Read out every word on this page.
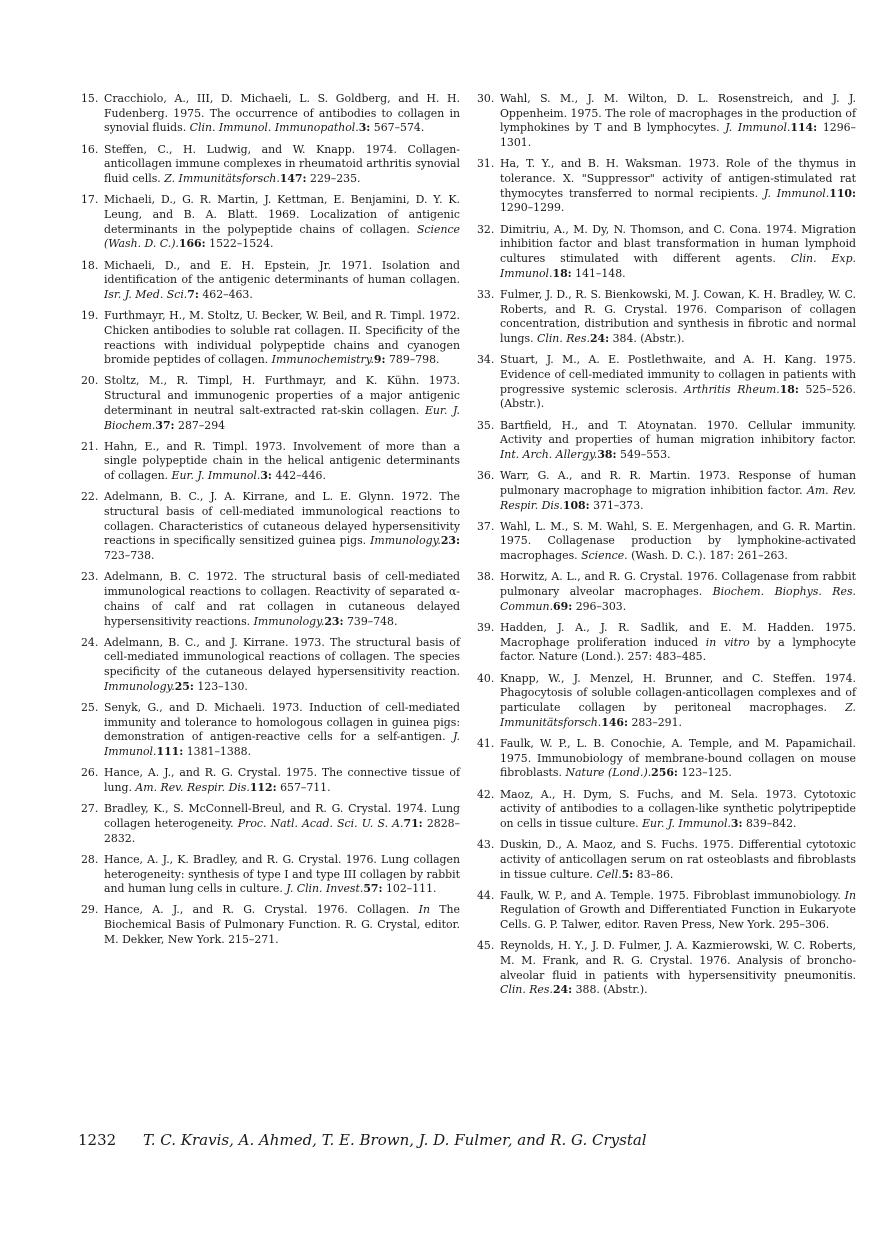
15. Cracchiolo, A., III, D. Michaeli, L. S. Goldberg, and H. H. Fudenberg. 1975. The occurrence of antibodies to collagen in synovial fluids. Clin. Immunol. Immunopathol.3: 567–574.
16. Steffen, C., H. Ludwig, and W. Knapp. 1974. Collagen-anticollagen immune complexes in rheumatoid arthritis synovial fluid cells. Z. Immunitätsforsch.147: 229–235.
17. Michaeli, D., G. R. Martin, J. Kettman, E. Benjamini, D. Y. K. Leung, and B. A. Blatt. 1969. Localization of antigenic determinants in the polypeptide chains of collagen. Science (Wash. D. C.).166: 1522–1524.
18. Michaeli, D., and E. H. Epstein, Jr. 1971. Isolation and identification of the antigenic determinants of human collagen. Isr. J. Med. Sci.7: 462–463.
19. Furthmayr, H., M. Stoltz, U. Becker, W. Beil, and R. Timpl. 1972. Chicken antibodies to soluble rat collagen. II. Specificity of the reactions with individual polypeptide chains and cyanogen bromide peptides of collagen. Immunochemistry.9: 789–798.
20. Stoltz, M., R. Timpl, H. Furthmayr, and K. Kühn. 1973. Structural and immunogenic properties of a major antigenic determinant in neutral salt-extracted rat-skin collagen. Eur. J. Biochem.37: 287–294
21. Hahn, E., and R. Timpl. 1973. Involvement of more than a single polypeptide chain in the helical antigenic determinants of collagen. Eur. J. Immunol.3: 442–446.
22. Adelmann, B. C., J. A. Kirrane, and L. E. Glynn. 1972. The structural basis of cell-mediated immunological reactions to collagen. Characteristics of cutaneous delayed hypersensitivity reactions in specifically sensitized guinea pigs. Immunology.23: 723–738.
23. Adelmann, B. C. 1972. The structural basis of cell-mediated immunological reactions to collagen. Reactivity of separated α-chains of calf and rat collagen in cutaneous delayed hypersensitivity reactions. Immunology.23: 739–748.
24. Adelmann, B. C., and J. Kirrane. 1973. The structural basis of cell-mediated immunological reactions of collagen. The species specificity of the cutaneous delayed hypersensitivity reaction. Immunology.25: 123–130.
25. Senyk, G., and D. Michaeli. 1973. Induction of cell-mediated immunity and tolerance to homologous collagen in guinea pigs: demonstration of antigen-reactive cells for a self-antigen. J. Immunol.111: 1381–1388.
26. Hance, A. J., and R. G. Crystal. 1975. The connective tissue of lung. Am. Rev. Respir. Dis.112: 657–711.
27. Bradley, K., S. McConnell-Breul, and R. G. Crystal. 1974. Lung collagen heterogeneity. Proc. Natl. Acad. Sci. U. S. A.71: 2828–2832.
28. Hance, A. J., K. Bradley, and R. G. Crystal. 1976. Lung collagen heterogeneity: synthesis of type I and type III collagen by rabbit and human lung cells in culture. J. Clin. Invest.57: 102–111.
29. Hance, A. J., and R. G. Crystal. 1976. Collagen. In The Biochemical Basis of Pulmonary Function. R. G. Crystal, editor. M. Dekker, New York. 215–271.
30. Wahl, S. M., J. M. Wilton, D. L. Rosenstreich, and J. J. Oppenheim. 1975. The role of macrophages in the production of lymphokines by T and B lymphocytes. J. Immunol.114: 1296–1301.
31. Ha, T. Y., and B. H. Waksman. 1973. Role of the thymus in tolerance. X. "Suppressor" activity of antigen-stimulated rat thymocytes transferred to normal recipients. J. Immunol.110: 1290–1299.
32. Dimitriu, A., M. Dy, N. Thomson, and C. Cona. 1974. Migration inhibition factor and blast transformation in human lymphoid cultures stimulated with different agents. Clin. Exp. Immunol.18: 141–148.
33. Fulmer, J. D., R. S. Bienkowski, M. J. Cowan, K. H. Bradley, W. C. Roberts, and R. G. Crystal. 1976. Comparison of collagen concentration, distribution and synthesis in fibrotic and normal lungs. Clin. Res.24: 384. (Abstr.).
34. Stuart, J. M., A. E. Postlethwaite, and A. H. Kang. 1975. Evidence of cell-mediated immunity to collagen in patients with progressive systemic sclerosis. Arthritis Rheum.18: 525–526. (Abstr.).
35. Bartfield, H., and T. Atoynatan. 1970. Cellular immunity. Activity and properties of human migration inhibitory factor. Int. Arch. Allergy.38: 549–553.
36. Warr, G. A., and R. R. Martin. 1973. Response of human pulmonary macrophage to migration inhibition factor. Am. Rev. Respir. Dis.108: 371–373.
37. Wahl, L. M., S. M. Wahl, S. E. Mergenhagen, and G. R. Martin. 1975. Collagenase production by lymphokine-activated macrophages. Science. (Wash. D. C.). 187: 261–263.
38. Horwitz, A. L., and R. G. Crystal. 1976. Collagenase from rabbit pulmonary alveolar macrophages. Biochem. Biophys. Res. Commun.69: 296–303.
39. Hadden, J. A., J. R. Sadlik, and E. M. Hadden. 1975. Macrophage proliferation induced in vitro by a lymphocyte factor. Nature (Lond.). 257: 483–485.
40. Knapp, W., J. Menzel, H. Brunner, and C. Steffen. 1974. Phagocytosis of soluble collagen-anticollagen complexes and of particulate collagen by peritoneal macrophages. Z. Immunitätsforsch.146: 283–291.
41. Faulk, W. P., L. B. Conochie, A. Temple, and M. Papamichail. 1975. Immunobiology of membrane-bound collagen on mouse fibroblasts. Nature (Lond.).256: 123–125.
42. Maoz, A., H. Dym, S. Fuchs, and M. Sela. 1973. Cytotoxic activity of antibodies to a collagen-like synthetic polytripeptide on cells in tissue culture. Eur. J. Immunol.3: 839–842.
43. Duskin, D., A. Maoz, and S. Fuchs. 1975. Differential cytotoxic activity of anticollagen serum on rat osteoblasts and fibroblasts in tissue culture. Cell.5: 83–86.
44. Faulk, W. P., and A. Temple. 1975. Fibroblast immunobiology. In Regulation of Growth and Differentiated Function in Eukaryote Cells. G. P. Talwer, editor. Raven Press, New York. 295–306.
45. Reynolds, H. Y., J. D. Fulmer, J. A. Kazmierowski, W. C. Roberts, M. M. Frank, and R. G. Crystal. 1976. Analysis of broncho-alveolar fluid in patients with hypersensitivity pneumonitis. Clin. Res.24: 388. (Abstr.).
1232 T. C. Kravis, A. Ahmed, T. E. Brown, J. D. Fulmer, and R. G. Crystal
